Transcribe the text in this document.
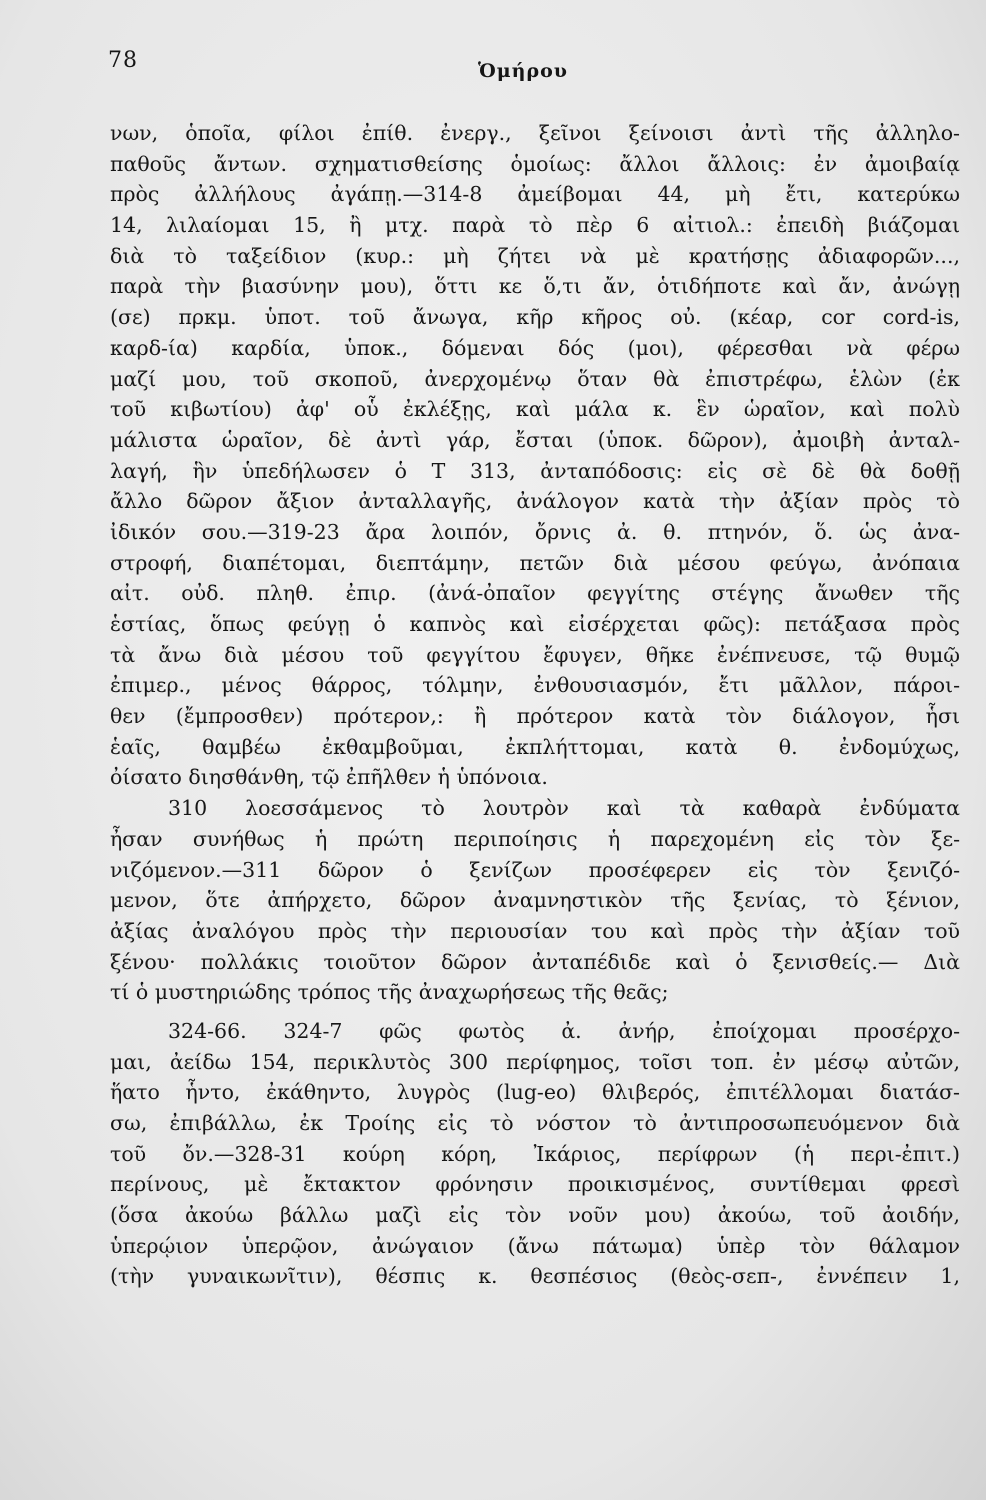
78	Ὁμήρου
νων, ὁποῖα, φίλοι ἐπίθ. ἐνεργ., ξεῖνοι ξείνοισι ἀντὶ τῆς ἀλληλο-
παθοῦς ἄντων. σχηματισθείσης ὁμοίως: ἄλλοι ἄλλοις: ἐν ἀμοιβαίᾳ
πρὸς ἀλλήλους ἀγάπῃ.—314-8 ἀμείβομαι 44, μὴ ἔτι, κατερύκω
14, λιλαίομαι 15, ἢ μτχ. παρὰ τὸ πὲρ 6 αἰτιολ.: ἐπειδὴ βιάζομαι
διὰ τὸ ταξείδιον (κυρ.: μὴ ζήτει νὰ μὲ κρατήσῃς ἀδιαφορῶν...,
παρὰ τὴν βιασύνην μου), ὅττι κε ὅ,τι ἄν, ὁτιδήποτε καὶ ἄν, ἀνώγῃ
(σε) πρκμ. ὑποτ. τοῦ ἄνωγα, κῆρ κῆρος οὐ. (κέαρ, cor cord-is,
καρδ-ία) καρδία, ὑποκ., δόμεναι δός (μοι), φέρεσθαι νὰ φέρω
μαζί μου, τοῦ σκοποῦ, ἀνερχομένῳ ὅταν θὰ ἐπιστρέφω, ἑλὼν (ἐκ
τοῦ κιβωτίου) ἀφ' οὗ ἐκλέξῃς, καὶ μάλα κ. ἓν ὡραῖον, καὶ πολὺ
μάλιστα ὡραῖον, δὲ ἀντὶ γάρ, ἔσται (ὑποκ. δῶρον), ἀμοιβὴ ἀνταλ-
λαγή, ἣν ὑπεδήλωσεν ὁ Τ 313, ἀνταπόδοσις: εἰς σὲ δὲ θὰ δοθῇ
ἄλλο δῶρον ἄξιον ἀνταλλαγῆς, ἀνάλογον κατὰ τὴν ἀξίαν πρὸς τὸ
ἰδικόν σου.—319-23 ἄρα λοιπόν, ὄρνις ἀ. θ. πτηνόν, ὅ. ὡς ἀνα-
στροφή, διαπέτομαι, διεπτάμην, πετῶν διὰ μέσου φεύγω, ἀνόπαια
αἰτ. οὐδ. πληθ. ἐπιρ. (ἀνά-ὀπαῖον φεγγίτης στέγης ἄνωθεν τῆς
ἑστίας, ὅπως φεύγῃ ὁ καπνὸς καὶ εἰσέρχεται φῶς): πετάξασα πρὸς
τὰ ἄνω διὰ μέσου τοῦ φεγγίτου ἔφυγεν, θῆκε ἐνέπνευσε, τῷ θυμῷ
ἐπιμερ., μένος θάρρος, τόλμην, ἐνθουσιασμόν, ἔτι μᾶλλον, πάροι-
θεν (ἔμπροσθεν) πρότερον,: ἢ πρότερον κατὰ τὸν διάλογον, ἧσι
ἑαῖς, θαμβέω ἐκθαμβοῦμαι, ἐκπλήττομαι, κατὰ θ. ἐνδομύχως,
ὀίσατο διησθάνθη, τῷ ἐπῆλθεν ἡ ὑπόνοια.
310 λοεσσάμενος τὸ λουτρὸν καὶ τὰ καθαρὰ ἐνδύματα
ἦσαν συνήθως ἡ πρώτη περιποίησις ἡ παρεχομένη εἰς τὸν ξε-
νιζόμενον.—311 δῶρον ὁ ξενίζων προσέφερεν εἰς τὸν ξενιζό-
μενον, ὅτε ἀπήρχετο, δῶρον ἀναμνηστικὸν τῆς ξενίας, τὸ ξένιον,
ἀξίας ἀναλόγου πρὸς τὴν περιουσίαν του καὶ πρὸς τὴν ἀξίαν τοῦ
ξένου· πολλάκις τοιοῦτον δῶρον ἀνταπέδιδε καὶ ὁ ξενισθείς.— Διὰ
τί ὁ μυστηριώδης τρόπος τῆς ἀναχωρήσεως τῆς θεᾶς;
324-66. 324-7 φῶς φωτὸς ἀ. ἀνήρ, ἐποίχομαι προσέρχο-
μαι, ἀείδω 154, περικλυτὸς 300 περίφημος, τοῖσι τοπ. ἐν μέσῳ αὐτῶν,
ἥατο ἧντο, ἐκάθηντο, λυγρὸς (lug-eo) θλιβερός, ἐπιτέλλομαι διατάσ-
σω, ἐπιβάλλω, ἐκ Τροίης εἰς τὸ νόστον τὸ ἀντιπροσωπευόμενον διὰ
τοῦ ὄν.—328-31 κούρη κόρη, Ἰκάριος, περίφρων (ἡ περι-ἐπιτ.)
περίνους, μὲ ἔκτακτον φρόνησιν προικισμένος, συντίθεμαι φρεσὶ
(ὅσα ἀκούω βάλλω μαζὶ εἰς τὸν νοῦν μου) ἀκούω, τοῦ ἀοιδήν,
ὑπερῴιον ὑπερῷον, ἀνώγαιον (ἄνω πάτωμα) ὑπὲρ τὸν θάλαμον
(τὴν γυναικωνῖτιν), θέσπις κ. θεσπέσιος (θεὸς-σεπ-, ἐννέπειν 1,
